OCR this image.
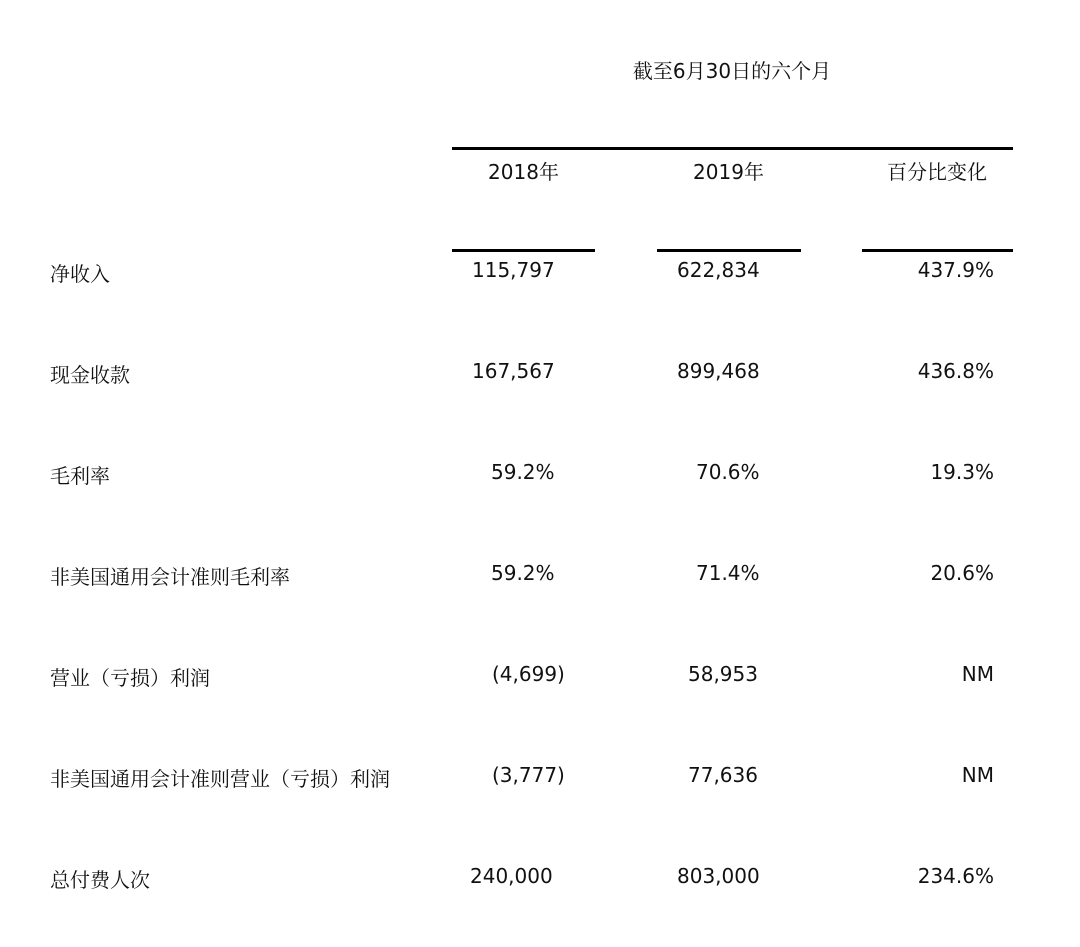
截至6月30日的六个月
2018年	2019年	百分比变化
净收入	115,797	622,834	437.9%
现金收款	167,567	899,468	436.8%
毛利率	59.2%	70.6%	19.3%
非美国通用会计准则毛利率	59.2%	71.4%	20.6%
营业（亏损）利润	(4,699)	58,953	NM
非美国通用会计准则营业（亏损）利润	(3,777)	77,636	NM
总付费人次	240,000	803,000	234.6%
